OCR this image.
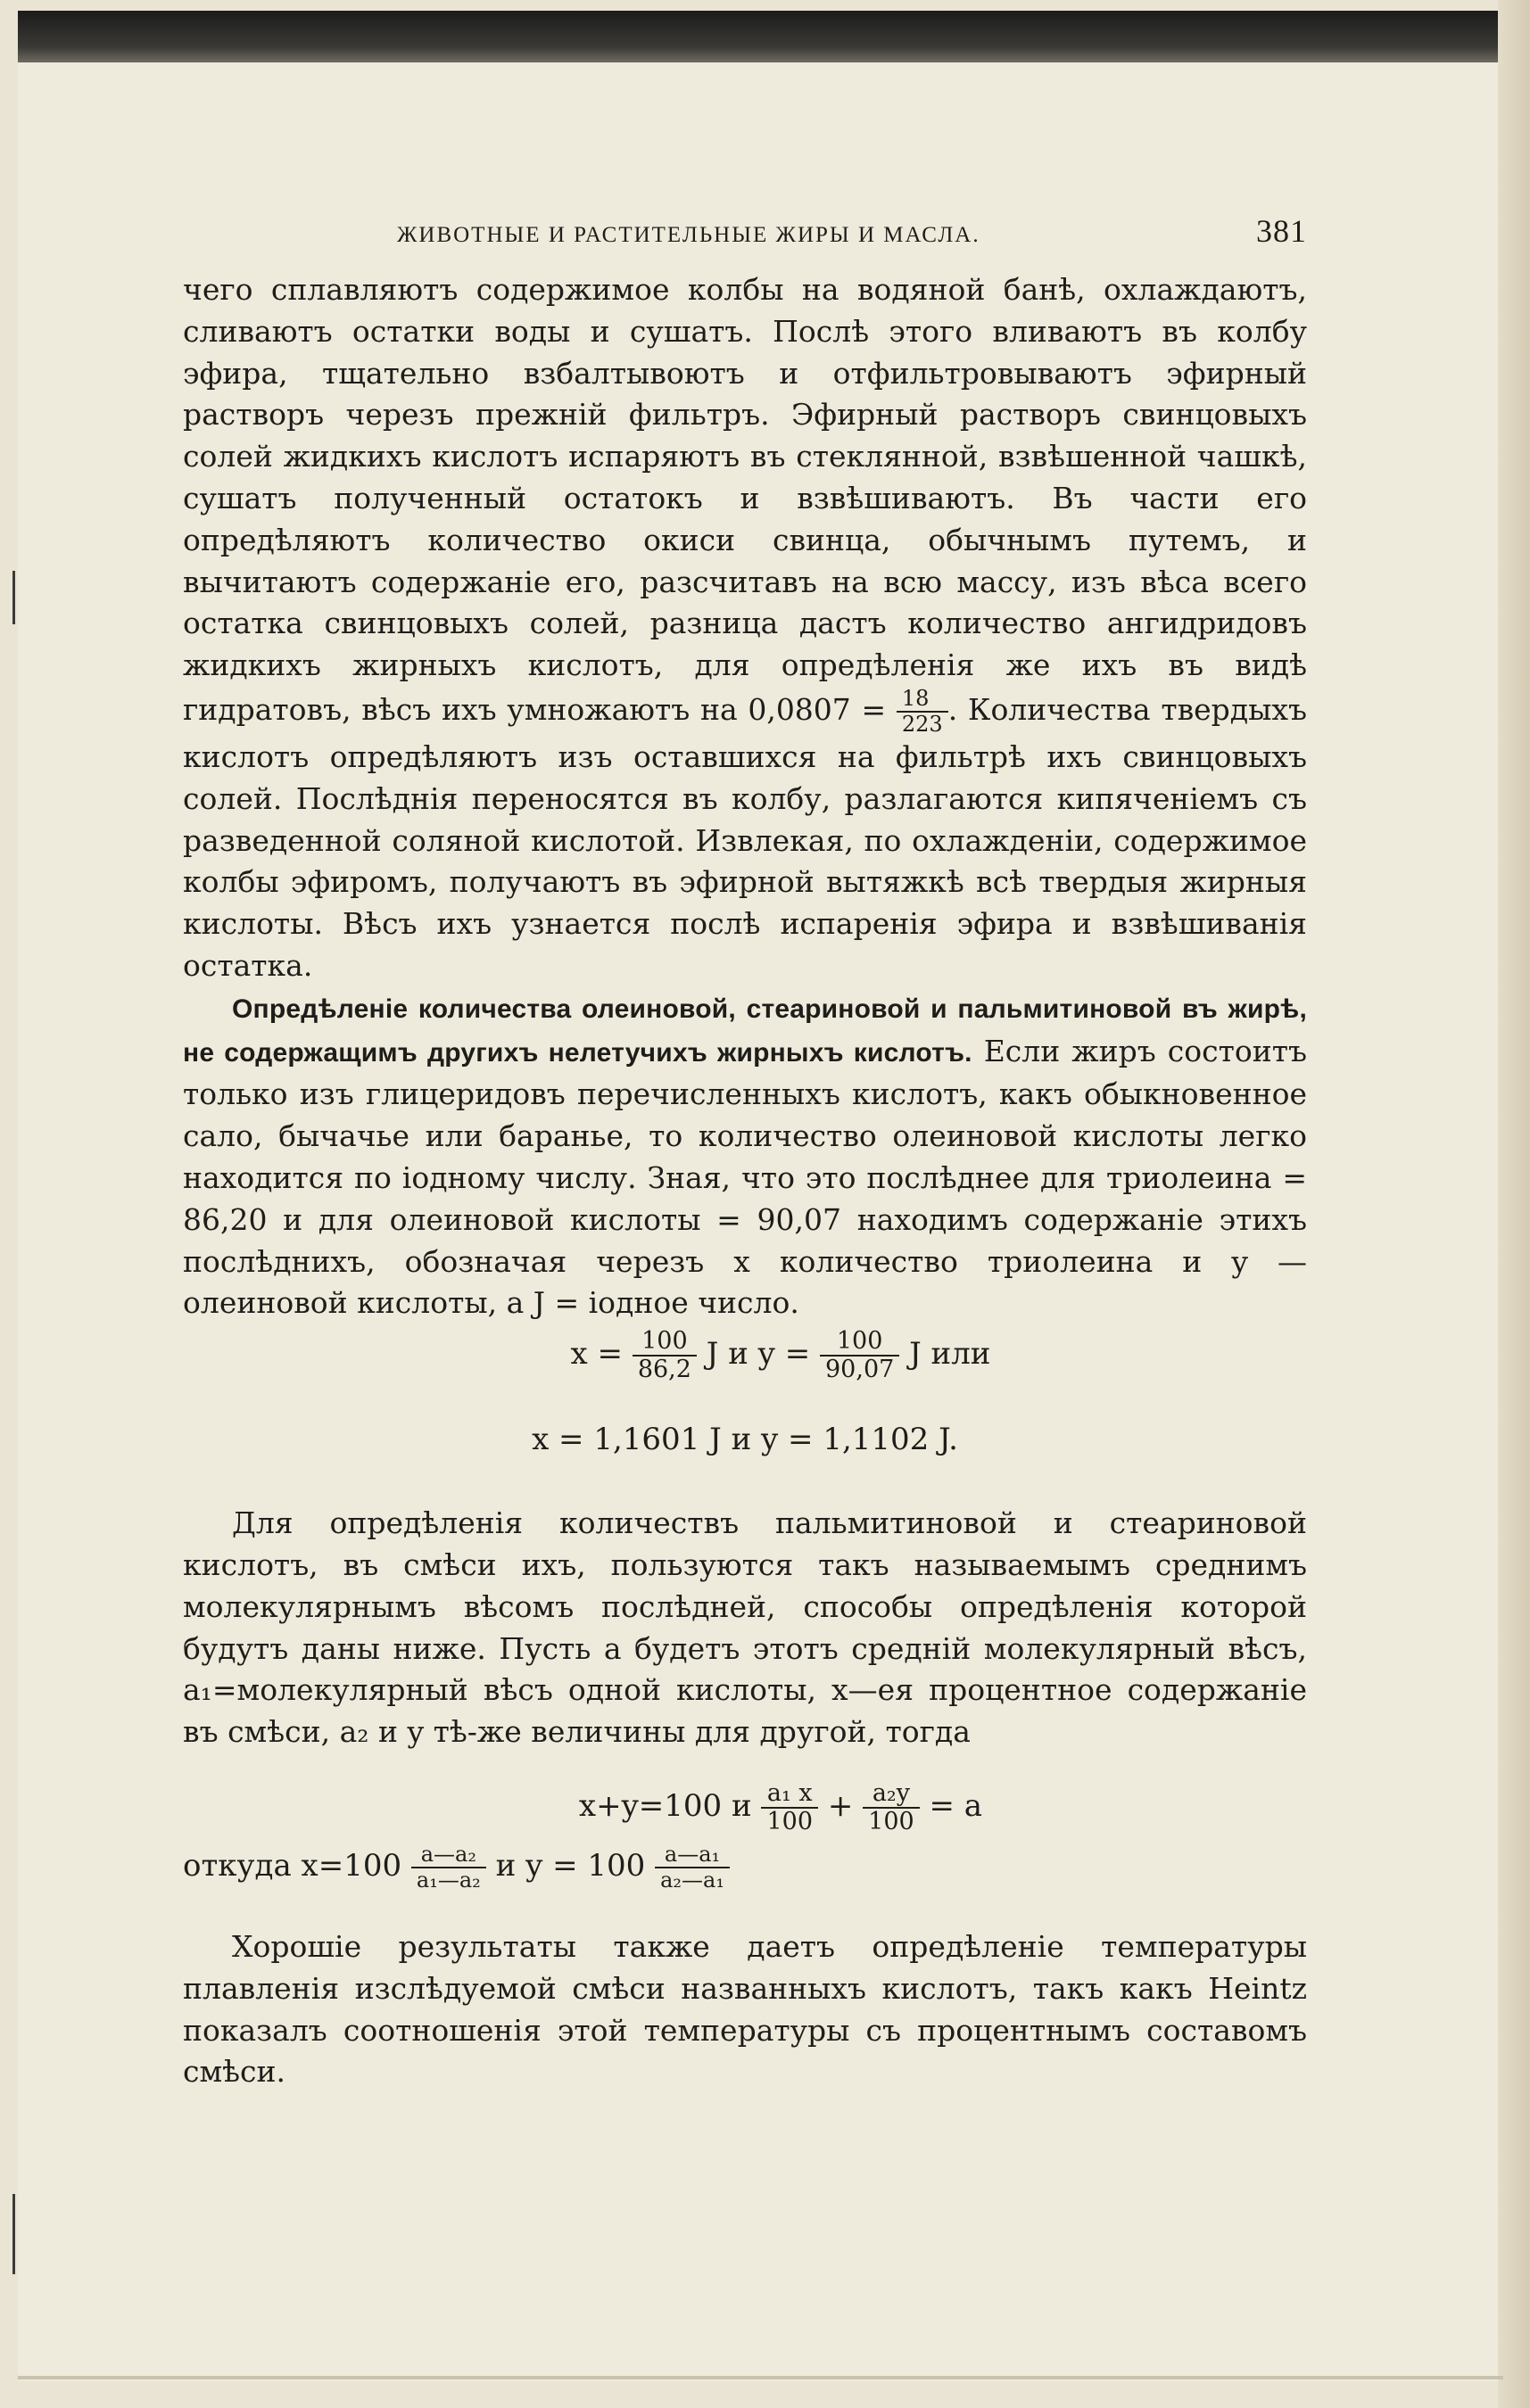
ЖИВОТНЫЕ И РАСТИТЕЛЬНЫЕ ЖИРЫ И МАСЛА.	381

чего сплавляютъ содержимое колбы на водяной банѣ, охлаждаютъ, сливаютъ остатки воды и сушатъ. Послѣ этого вливаютъ въ колбу эфира, тщательно взбалтывоютъ и отфильтровываютъ эфирный растворъ черезъ прежній фильтръ. Эфирный растворъ свинцовыхъ солей жидкихъ кислотъ испаряютъ въ стеклянной, взвѣшенной чашкѣ, сушатъ полученный остатокъ и взвѣшиваютъ. Въ части его опредѣляютъ количество окиси свинца, обычнымъ путемъ, и вычитаютъ содержаніе его, разсчитавъ на всю массу, изъ вѣса всего остатка свинцовыхъ солей, разница дастъ количество ангидридовъ жидкихъ жирныхъ кислотъ, для опредѣленія же ихъ въ видѣ гидратовъ, вѣсъ ихъ умножаютъ на $0,0807 = \frac{18}{223}$ . Количества твердыхъ кислотъ опредѣляютъ изъ оставшихся на фильтрѣ ихъ свинцовыхъ солей. Послѣднія переносятся въ колбу, разлагаются кипяченіемъ съ разведенной соляной кислотой. Извлекая, по охлажденіи, содержимое колбы эфиромъ, получаютъ въ эфирной вытяжкѣ всѣ твердыя жирныя кислоты. Вѣсъ ихъ узнается послѣ испаренія эфира и взвѣшиванія остатка.

Опредѣленіе количества олеиновой, стеариновой и пальмитиновой въ жирѣ, не содержащимъ другихъ нелетучихъ жирныхъ кислотъ. Если жиръ состоитъ только изъ глицеридовъ перечисленныхъ кислотъ, какъ обыкновенное сало, бычачье или баранье, то количество олеиновой кислоты легко находится по іодному числу. Зная, что это послѣднее для триолеина = 86,20 и для олеиновой кислоты = 90,07 находимъ содержаніе этихъ послѣднихъ, обозначая черезъ x количество триолеина и y — олеиновой кислоты, а J = іодное число.

$x = \frac{100}{86,2}$ J и $y = \frac{100}{90,07}$ J или
x = 1,1601 J и y = 1,1102 J.

Для опредѣленія количествъ пальмитиновой и стеариновой кислотъ, въ смѣси ихъ, пользуются такъ называемымъ среднимъ молекулярнымъ вѣсомъ послѣдней, способы опредѣленія которой будутъ даны ниже. Пусть a будетъ этотъ средній молекулярный вѣсъ, a₁=молекулярный вѣсъ одной кислоты, x—ея процентное содержаніе въ смѣси, a₂ и y тѣ-же величины для другой, тогда

x+y=100 и $\frac{\text{a₁ x}}{100} + \frac{\text{a₂y}}{100} = a$
откуда $x=100 \frac{\text{a—a₂}}{\text{a₁—a₂}}$ и $y = 100 \frac{\text{a—a₁}}{\text{a₂—a₁}}$

Хорошіе результаты также даетъ опредѣленіе температуры плавленія изслѣдуемой смѣси названныхъ кислотъ, такъ какъ Heintz показалъ соотношенія этой температуры съ процентнымъ составомъ смѣси.
